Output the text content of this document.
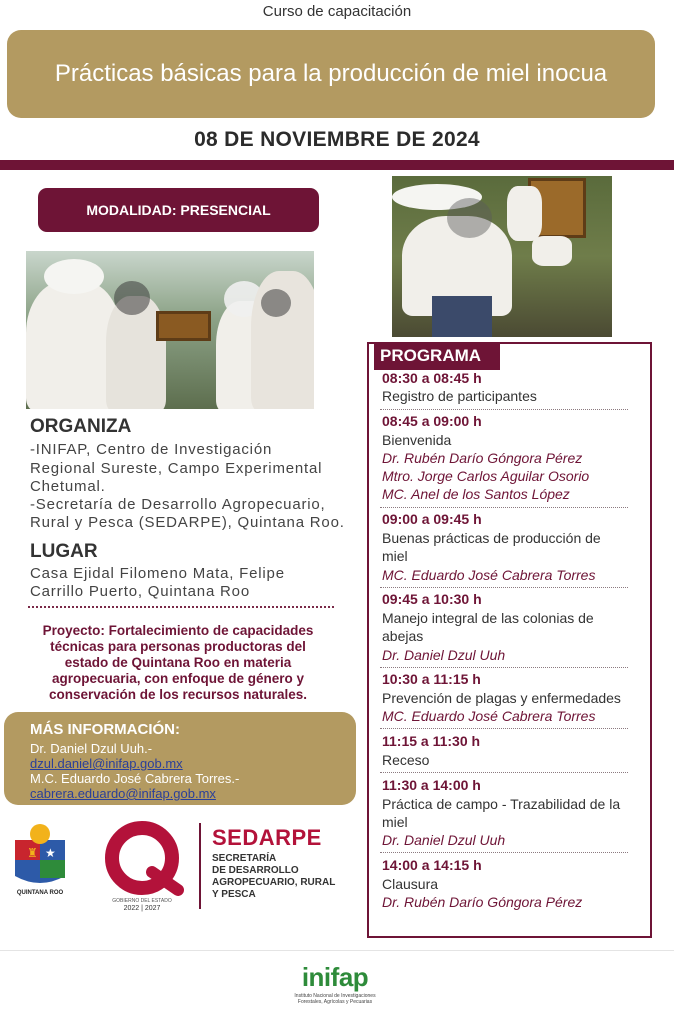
Curso de capacitación
Prácticas básicas para la producción de miel inocua
08 DE NOVIEMBRE DE 2024
MODALIDAD: PRESENCIAL
ORGANIZA
-INIFAP, Centro de Investigación
Regional Sureste, Campo Experimental
Chetumal.
-Secretaría de Desarrollo Agropecuario,
Rural y Pesca (SEDARPE), Quintana Roo.
LUGAR
Casa Ejidal Filomeno Mata, Felipe
Carrillo Puerto, Quintana Roo
Proyecto: Fortalecimiento de capacidades
técnicas para personas productoras del
estado de Quintana Roo en materia
agropecuaria, con enfoque de género y
conservación de los recursos naturales.
MÁS INFORMACIÓN:
Dr. Daniel Dzul Uuh.-
dzul.daniel@inifap.gob.mx
M.C. Eduardo José Cabrera Torres.-
cabrera.eduardo@inifap.gob.mx
♜ ★
QUINTANA ROO
GOBIERNO DEL ESTADO
2022 | 2027
SEDARPE
SECRETARÍA
DE DESARROLLO
AGROPECUARIO, RURAL
Y PESCA
PROGRAMA
08:30 a 08:45 h
Registro de participantes
08:45 a 09:00 h
Bienvenida
Dr. Rubén Darío Góngora Pérez
Mtro. Jorge Carlos Aguilar Osorio
MC. Anel de los Santos López
09:00 a 09:45 h
Buenas prácticas de producción de
miel
MC. Eduardo José Cabrera Torres
09:45 a 10:30 h
Manejo integral de las colonias de
abejas
Dr. Daniel Dzul Uuh
10:30 a 11:15 h
Prevención de plagas y enfermedades
MC. Eduardo José Cabrera Torres
11:15 a 11:30 h
Receso
11:30 a 14:00 h
Práctica de campo - Trazabilidad de la
miel
Dr. Daniel Dzul Uuh
14:00 a 14:15 h
Clausura
Dr. Rubén Darío Góngora Pérez
inifap
Instituto Nacional de Investigaciones
Forestales, Agrícolas y Pecuarias
